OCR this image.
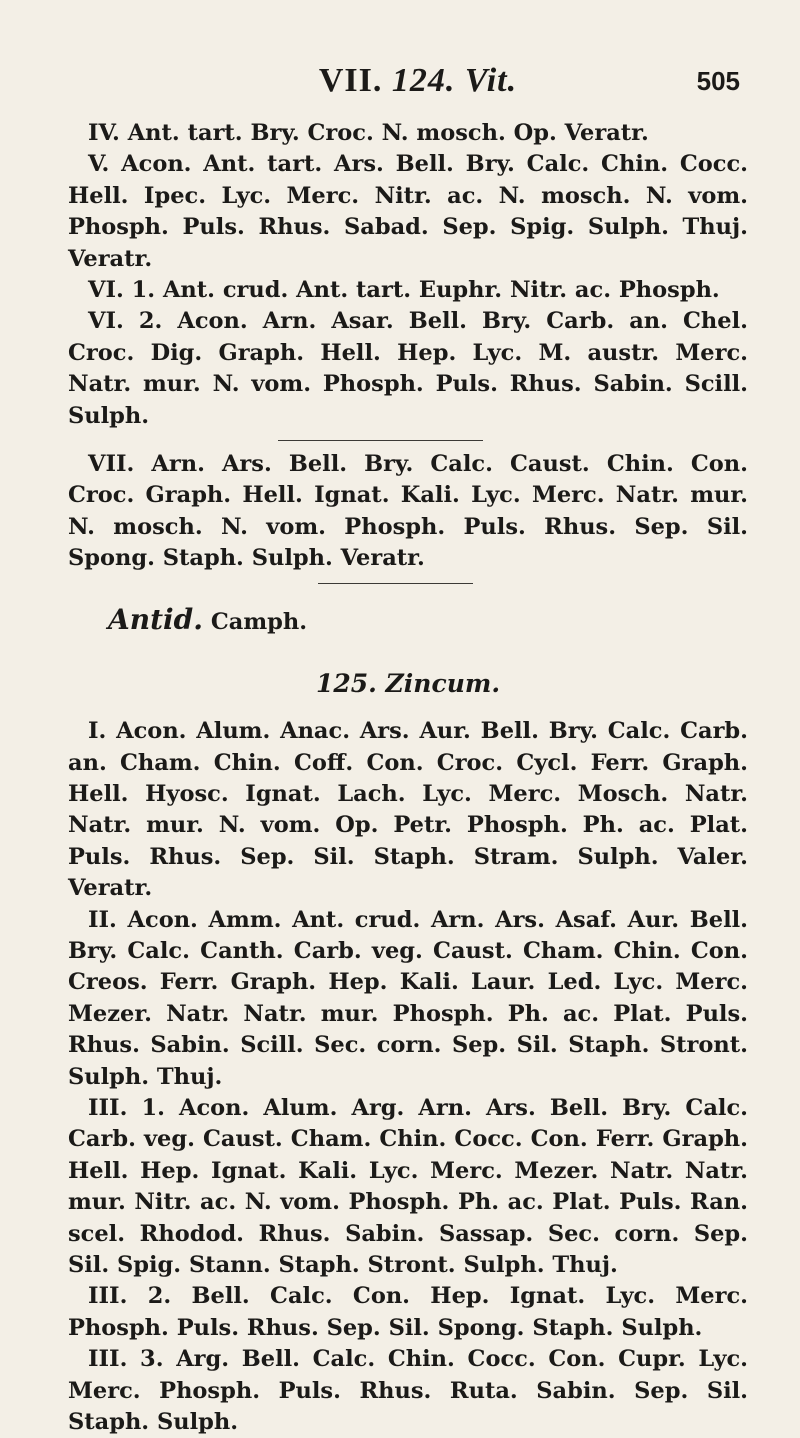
VII. 124. Vit.	505

IV. Ant. tart. Bry. Croc. N. mosch. Op. Veratr.

V. Acon. Ant. tart. Ars. Bell. Bry. Calc. Chin. Cocc. Hell. Ipec. Lyc. Merc. Nitr. ac. N. mosch. N. vom. Phosph. Puls. Rhus. Sabad. Sep. Spig. Sulph. Thuj. Veratr.

VI. 1. Ant. crud. Ant. tart. Euphr. Nitr. ac. Phosph.

VI. 2. Acon. Arn. Asar. Bell. Bry. Carb. an. Chel. Croc. Dig. Graph. Hell. Hep. Lyc. M. austr. Merc. Natr. mur. N. vom. Phosph. Puls. Rhus. Sabin. Scill. Sulph.

VII. Arn. Ars. Bell. Bry. Calc. Caust. Chin. Con. Croc. Graph. Hell. Ignat. Kali. Lyc. Merc. Natr. mur. N. mosch. N. vom. Phosph. Puls. Rhus. Sep. Sil. Spong. Staph. Sulph. Veratr.

Antid. Camph.

125. Zincum.

I. Acon. Alum. Anac. Ars. Aur. Bell. Bry. Calc. Carb. an. Cham. Chin. Coff. Con. Croc. Cycl. Ferr. Graph. Hell. Hyosc. Ignat. Lach. Lyc. Merc. Mosch. Natr. Natr. mur. N. vom. Op. Petr. Phosph. Ph. ac. Plat. Puls. Rhus. Sep. Sil. Staph. Stram. Sulph. Valer. Veratr.

II. Acon. Amm. Ant. crud. Arn. Ars. Asaf. Aur. Bell. Bry. Calc. Canth. Carb. veg. Caust. Cham. Chin. Con. Creos. Ferr. Graph. Hep. Kali. Laur. Led. Lyc. Merc. Mezer. Natr. Natr. mur. Phosph. Ph. ac. Plat. Puls. Rhus. Sabin. Scill. Sec. corn. Sep. Sil. Staph. Stront. Sulph. Thuj.

III. 1. Acon. Alum. Arg. Arn. Ars. Bell. Bry. Calc. Carb. veg. Caust. Cham. Chin. Cocc. Con. Ferr. Graph. Hell. Hep. Ignat. Kali. Lyc. Merc. Mezer. Natr. Natr. mur. Nitr. ac. N. vom. Phosph. Ph. ac. Plat. Puls. Ran. scel. Rhodod. Rhus. Sabin. Sassap. Sec. corn. Sep. Sil. Spig. Stann. Staph. Stront. Sulph. Thuj.

III. 2. Bell. Calc. Con. Hep. Ignat. Lyc. Merc. Phosph. Puls. Rhus. Sep. Sil. Spong. Staph. Sulph.

III. 3. Arg. Bell. Calc. Chin. Cocc. Con. Cupr. Lyc. Merc. Phosph. Puls. Rhus. Ruta. Sabin. Sep. Sil. Staph. Sulph.
